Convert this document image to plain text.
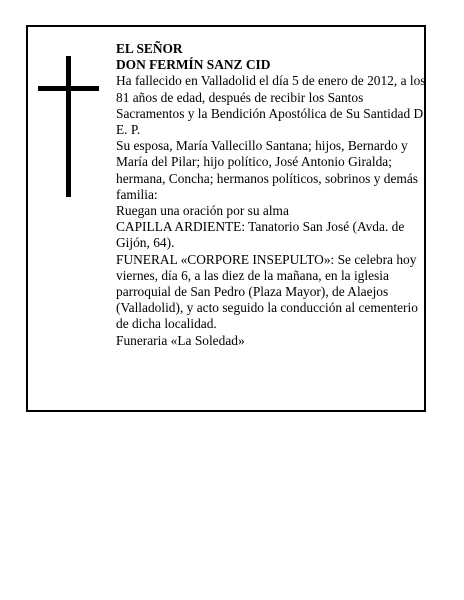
EL SEÑOR

DON FERMÍN SANZ CID

Ha fallecido en Valladolid el día 5 de enero de 2012, a los 81 años de edad, después de recibir los Santos Sacramentos y la Bendición Apostólica de Su Santidad D. E. P.

Su esposa, María Vallecillo Santana; hijos, Bernardo y María del Pilar; hijo político, José Antonio Giralda; hermana, Concha; hermanos políticos, sobrinos y demás familia:

Ruegan una oración por su alma

CAPILLA ARDIENTE: Tanatorio San José (Avda. de Gijón, 64).

FUNERAL «CORPORE INSEPULTO»: Se celebra hoy viernes, día 6, a las diez de la mañana, en la iglesia parroquial de San Pedro (Plaza Mayor), de Alaejos (Valladolid), y acto seguido la conducción al cementerio de dicha localidad.

Funeraria «La Soledad»
